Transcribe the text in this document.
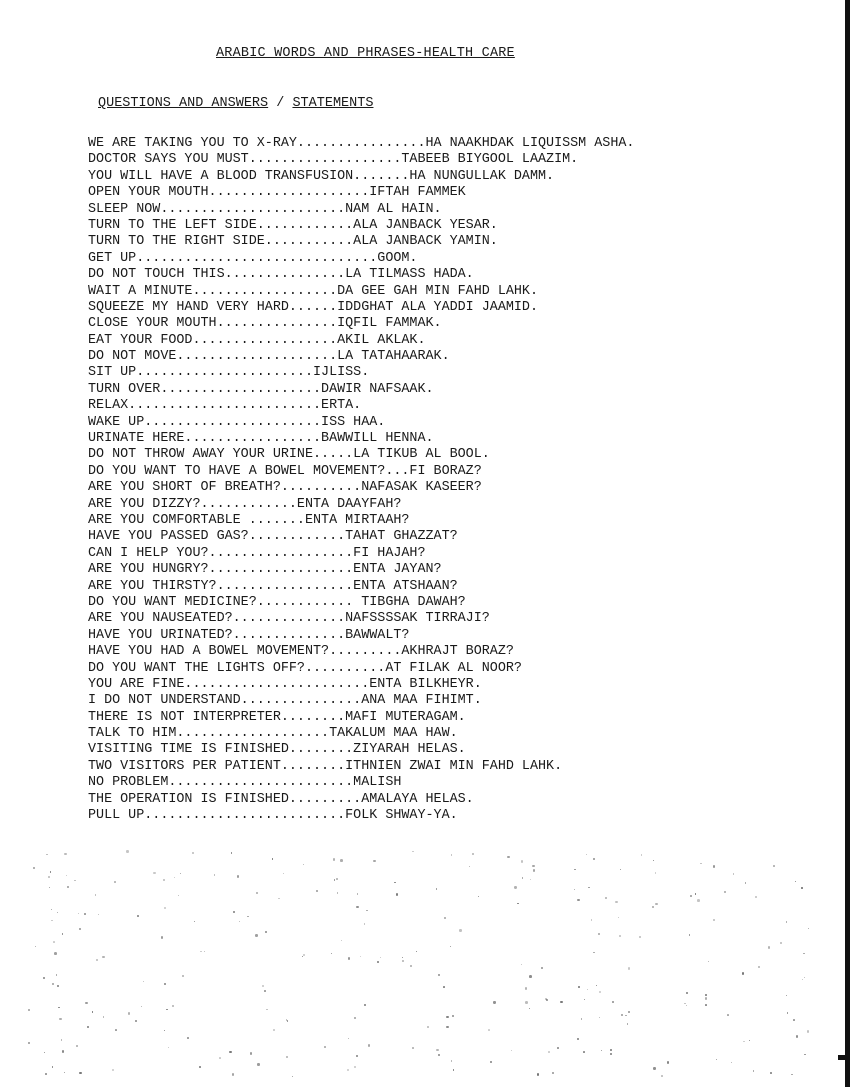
ARABIC WORDS AND PHRASES-HEALTH CARE
QUESTIONS AND ANSWERS / STATEMENTS
WE ARE TAKING YOU TO X-RAY................HA NAAKHDAK LIQUISSM ASHA.
DOCTOR SAYS YOU MUST...................TABEEB BIYGOOL LAAZIM.
YOU WILL HAVE A BLOOD TRANSFUSION.......HA NUNGULLAK DAMM.
OPEN YOUR MOUTH....................IFTAH FAMMEK
SLEEP NOW.......................NAM AL HAIN.
TURN TO THE LEFT SIDE............ALA JANBACK YESAR.
TURN TO THE RIGHT SIDE...........ALA JANBACK YAMIN.
GET UP..............................GOOM.
DO NOT TOUCH THIS...............LA TILMASS HADA.
WAIT A MINUTE..................DA GEE GAH MIN FAHD LAHK.
SQUEEZE MY HAND VERY HARD......IDDGHAT ALA YADDI JAAMID.
CLOSE YOUR MOUTH...............IQFIL FAMMAK.
EAT YOUR FOOD..................AKIL AKLAK.
DO NOT MOVE....................LA TATAHAARAK.
SIT UP......................IJLISS.
TURN OVER....................DAWIR NAFSAAK.
RELAX........................ERTA.
WAKE UP......................ISS HAA.
URINATE HERE.................BAWWILL HENNA.
DO NOT THROW AWAY YOUR URINE.....LA TIKUB AL BOOL.
DO YOU WANT TO HAVE A BOWEL MOVEMENT?...FI BORAZ?
ARE YOU SHORT OF BREATH?..........NAFASAK KASEER?
ARE YOU DIZZY?............ENTA DAAYFAH?
ARE YOU COMFORTABLE .......ENTA MIRTAAH?
HAVE YOU PASSED GAS?............TAHAT GHAZZAT?
CAN I HELP YOU?..................FI HAJAH?
ARE YOU HUNGRY?..................ENTA JAYAN?
ARE YOU THIRSTY?.................ENTA ATSHAAN?
DO YOU WANT MEDICINE?............ TIBGHA DAWAH?
ARE YOU NAUSEATED?..............NAFSSSSAK TIRRAJI?
HAVE YOU URINATED?..............BAWWALT?
HAVE YOU HAD A BOWEL MOVEMENT?.........AKHRAJT BORAZ?
DO YOU WANT THE LIGHTS OFF?..........AT FILAK AL NOOR?
YOU ARE FINE.......................ENTA BILKHEYR.
I DO NOT UNDERSTAND...............ANA MAA FIHIMT.
THERE IS NOT INTERPRETER........MAFI MUTERAGAM.
TALK TO HIM...................TAKALUM MAA HAW.
VISITING TIME IS FINISHED........ZIYARAH HELAS.
TWO VISITORS PER PATIENT........ITHNIEN ZWAI MIN FAHD LAHK.
NO PROBLEM.......................MALISH
THE OPERATION IS FINISHED.........AMALAYA HELAS.
PULL UP.........................FOLK SHWAY-YA.
